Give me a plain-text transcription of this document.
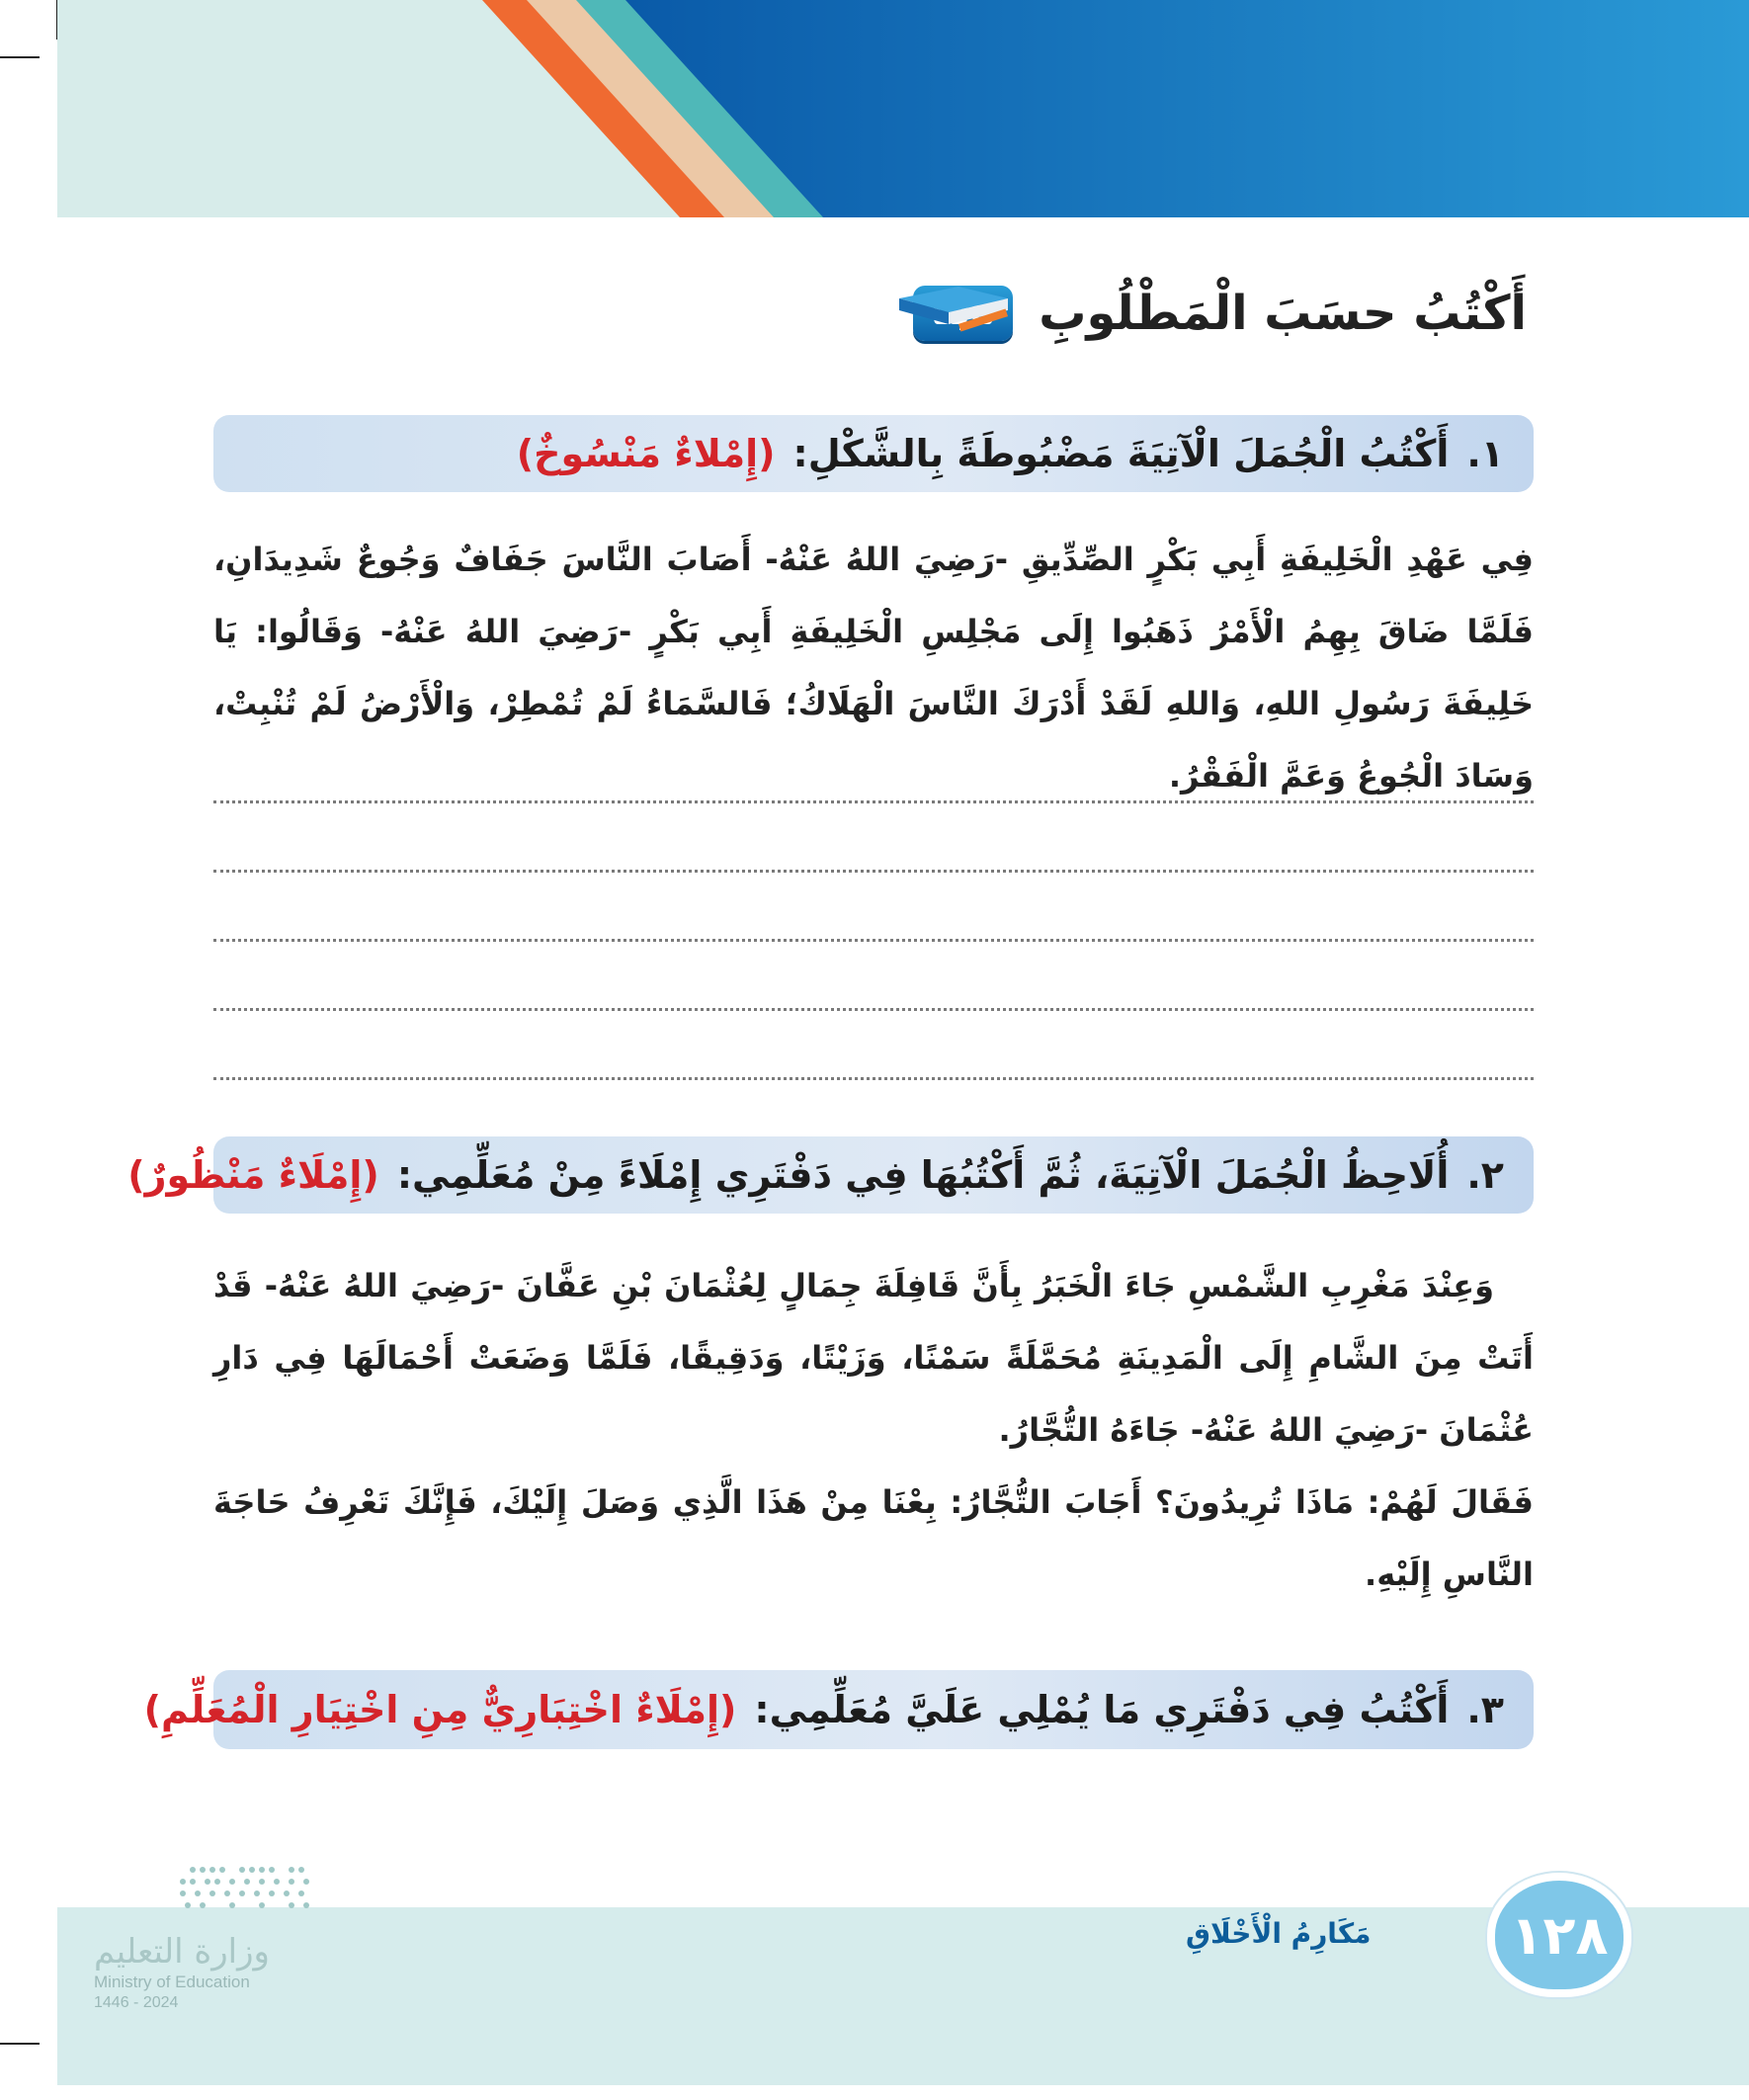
أَكْتُبُ حسَبَ الْمَطْلُوبِ
١.
أَكْتُبُ الْجُمَلَ الْآتِيَةَ مَضْبُوطَةً بِالشَّكْلِ:
(إِمْلاءٌ مَنْسُوخٌ)

فِي عَهْدِ الْخَلِيفَةِ أَبِي بَكْرٍ الصِّدِّيقِ -رَضِيَ اللهُ عَنْهُ- أَصَابَ النَّاسَ جَفَافٌ وَجُوعٌ شَدِيدَانِ، فَلَمَّا ضَاقَ بِهِمُ الْأَمْرُ ذَهَبُوا إِلَى مَجْلِسِ الْخَلِيفَةِ أَبِي بَكْرٍ -رَضِيَ اللهُ عَنْهُ- وَقَالُوا: يَا خَلِيفَةَ رَسُولِ اللهِ، وَاللهِ لَقَدْ أَدْرَكَ النَّاسَ الْهَلَاكُ؛ فَالسَّمَاءُ لَمْ تُمْطِرْ، وَالْأَرْضُ لَمْ تُنْبِتْ، وَسَادَ الْجُوعُ وَعَمَّ الْفَقْرُ.

٢.
أُلَاحِظُ الْجُمَلَ الْآتِيَةَ، ثُمَّ أَكْتُبُهَا فِي دَفْتَرِي إِمْلَاءً مِنْ مُعَلِّمِي:
(إِمْلَاءٌ مَنْظُورٌ)

وَعِنْدَ مَغْرِبِ الشَّمْسِ جَاءَ الْخَبَرُ بِأَنَّ قَافِلَةَ جِمَالٍ لِعُثْمَانَ بْنِ عَفَّانَ -رَضِيَ اللهُ عَنْهُ- قَدْ أَتَتْ مِنَ الشَّامِ إِلَى الْمَدِينَةِ مُحَمَّلَةً سَمْنًا، وَزَيْتًا، وَدَقِيقًا، فَلَمَّا وَضَعَتْ أَحْمَالَهَا فِي دَارِ عُثْمَانَ -رَضِيَ اللهُ عَنْهُ- جَاءَهُ التُّجَّارُ.

فَقَالَ لَهُمْ: مَاذَا تُرِيدُونَ؟ أَجَابَ التُّجَّارُ: بِعْنَا مِنْ هَذَا الَّذِي وَصَلَ إِلَيْكَ، فَإِنَّكَ تَعْرِفُ حَاجَةَ النَّاسِ إِلَيْهِ.

٣.
أَكْتُبُ فِي دَفْتَرِي مَا يُمْلِي عَلَيَّ مُعَلِّمِي:
(إِمْلَاءٌ اخْتِبَارِيٌّ مِنِ اخْتِيَارِ الْمُعَلِّمِ)
مَكَارِمُ الْأَخْلَاقِ	١٢٨
وزارة التعليم
Ministry of Education
2024 - 1446
